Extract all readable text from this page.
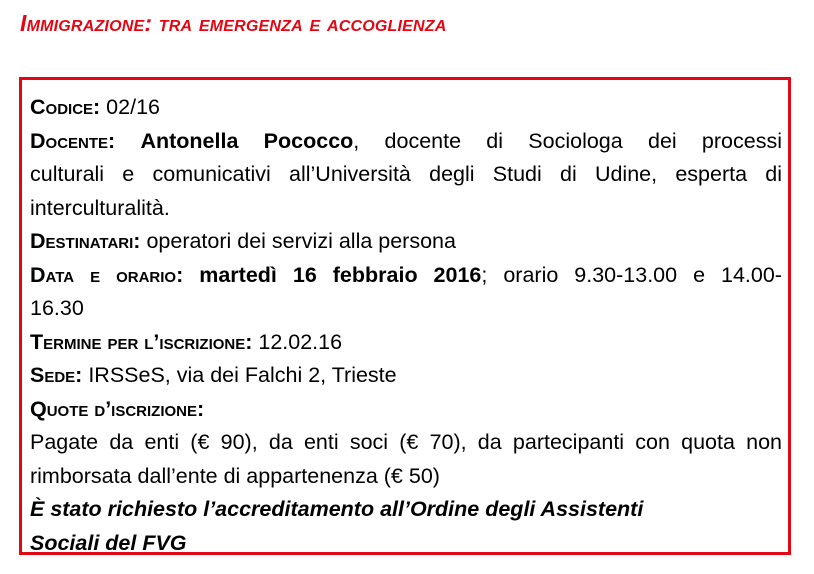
Immigrazione: tra emergenza e accoglienza

Codice: 02/16

Docente: Antonella Pococco, docente di Sociologa dei processi

culturali e comunicativi all’Università degli Studi di Udine, esperta di

interculturalità.

Destinatari: operatori dei servizi alla persona

Data e orario: martedì 16 febbraio 2016; orario 9.30-13.00 e 14.00-

16.30

Termine per l’iscrizione: 12.02.16

Sede: IRSSeS, via dei Falchi 2, Trieste

Quote d’iscrizione:

Pagate da enti (€ 90), da enti soci (€ 70), da partecipanti con quota non

rimborsata dall’ente di appartenenza (€ 50)

È stato richiesto l’accreditamento all’Ordine degli Assistenti

Sociali del FVG
